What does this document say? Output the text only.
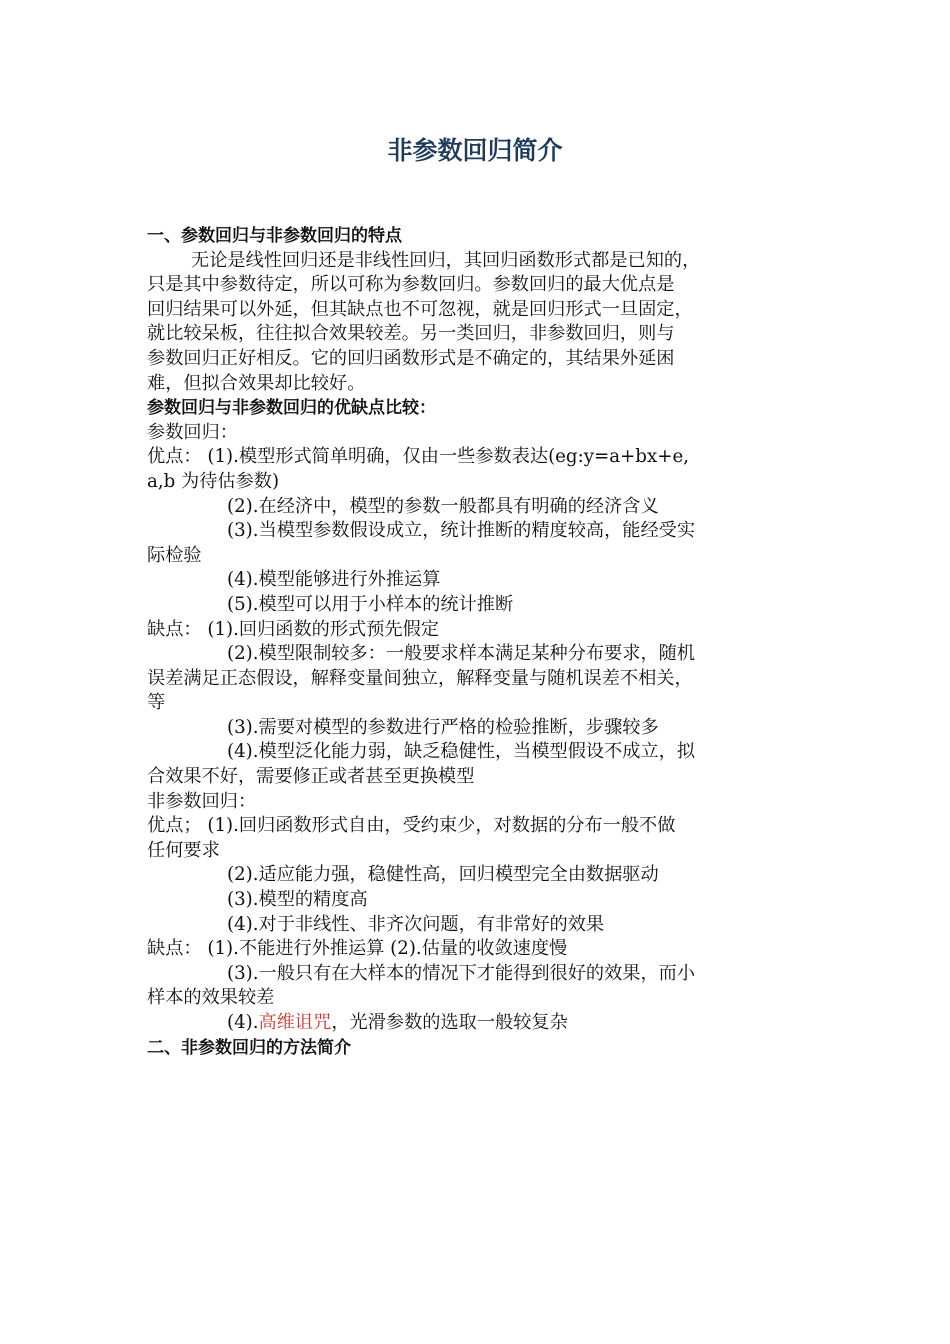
非参数回归简介

一、参数回归与非参数回归的特点

无论是线性回归还是非线性回归，其回归函数形式都是已知的，

只是其中参数待定，所以可称为参数回归。参数回归的最大优点是

回归结果可以外延，但其缺点也不可忽视，就是回归形式一旦固定，

就比较呆板，往往拟合效果较差。另一类回归，非参数回归，则与

参数回归正好相反。它的回归函数形式是不确定的，其结果外延困

难，但拟合效果却比较好。

参数回归与非参数回归的优缺点比较：

参数回归：

优点： (1).模型形式简单明确，仅由一些参数表达(eg:y=a+bx+e,

a,b 为待估参数)

(2).在经济中，模型的参数一般都具有明确的经济含义

(3).当模型参数假设成立，统计推断的精度较高，能经受实

际检验

(4).模型能够进行外推运算

(5).模型可以用于小样本的统计推断

缺点： (1).回归函数的形式预先假定

(2).模型限制较多：一般要求样本满足某种分布要求，随机

误差满足正态假设，解释变量间独立，解释变量与随机误差不相关，

等

(3).需要对模型的参数进行严格的检验推断，步骤较多

(4).模型泛化能力弱，缺乏稳健性，当模型假设不成立，拟

合效果不好，需要修正或者甚至更换模型

非参数回归：

优点； (1).回归函数形式自由，受约束少，对数据的分布一般不做

任何要求

(2).适应能力强，稳健性高，回归模型完全由数据驱动

(3).模型的精度高

(4).对于非线性、非齐次问题，有非常好的效果

缺点： (1).不能进行外推运算 (2).估量的收敛速度慢

(3).一般只有在大样本的情况下才能得到很好的效果，而小

样本的效果较差

(4).高维诅咒，光滑参数的选取一般较复杂

二、非参数回归的方法简介
